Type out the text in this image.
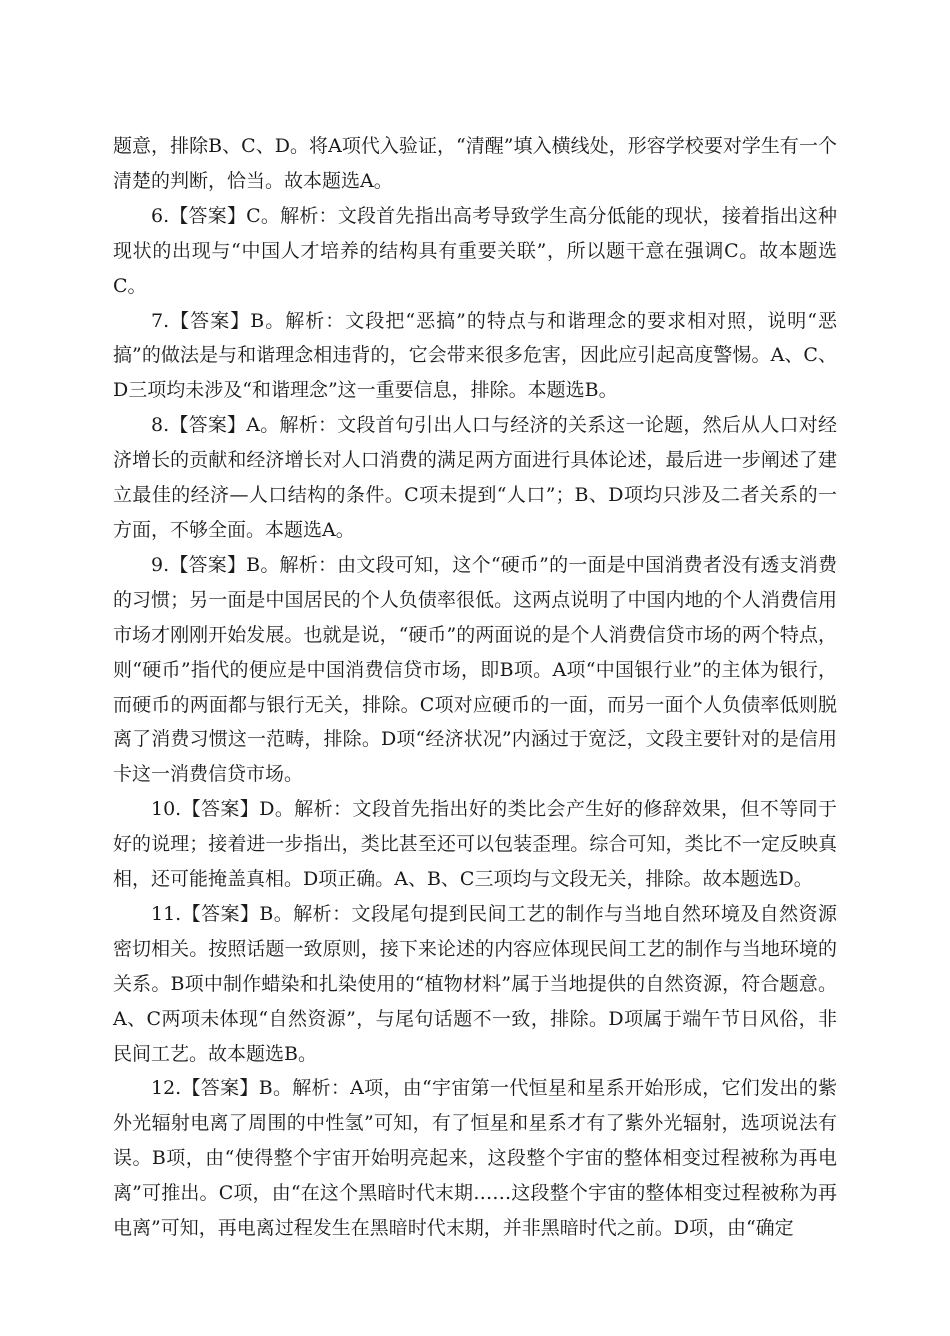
题意，排除B、C、D。将A项代入验证，“清醒”填入横线处，形容学校要对学生有一个清楚的判断，恰当。故本题选A。

6.【答案】C。解析：文段首先指出高考导致学生高分低能的现状，接着指出这种现状的出现与“中国人才培养的结构具有重要关联”，所以题干意在强调C。故本题选C。

7.【答案】B。解析：文段把“恶搞”的特点与和谐理念的要求相对照，说明“恶搞”的做法是与和谐理念相违背的，它会带来很多危害，因此应引起高度警惕。A、C、D三项均未涉及“和谐理念”这一重要信息，排除。本题选B。

8.【答案】A。解析：文段首句引出人口与经济的关系这一论题，然后从人口对经济增长的贡献和经济增长对人口消费的满足两方面进行具体论述，最后进一步阐述了建立最佳的经济—人口结构的条件。C项未提到“人口”；B、D项均只涉及二者关系的一方面，不够全面。本题选A。

9.【答案】B。解析：由文段可知，这个“硬币”的一面是中国消费者没有透支消费的习惯；另一面是中国居民的个人负债率很低。这两点说明了中国内地的个人消费信用市场才刚刚开始发展。也就是说，“硬币”的两面说的是个人消费信贷市场的两个特点，则“硬币”指代的便应是中国消费信贷市场，即B项。A项“中国银行业”的主体为银行，而硬币的两面都与银行无关，排除。C项对应硬币的一面，而另一面个人负债率低则脱离了消费习惯这一范畴，排除。D项“经济状况”内涵过于宽泛，文段主要针对的是信用卡这一消费信贷市场。

10.【答案】D。解析：文段首先指出好的类比会产生好的修辞效果，但不等同于好的说理；接着进一步指出，类比甚至还可以包装歪理。综合可知，类比不一定反映真相，还可能掩盖真相。D项正确。A、B、C三项均与文段无关，排除。故本题选D。

11.【答案】B。解析：文段尾句提到民间工艺的制作与当地自然环境及自然资源密切相关。按照话题一致原则，接下来论述的内容应体现民间工艺的制作与当地环境的关系。B项中制作蜡染和扎染使用的“植物材料”属于当地提供的自然资源，符合题意。A、C两项未体现“自然资源”，与尾句话题不一致，排除。D项属于端午节日风俗，非民间工艺。故本题选B。

12.【答案】B。解析：A项，由“宇宙第一代恒星和星系开始形成，它们发出的紫外光辐射电离了周围的中性氢”可知，有了恒星和星系才有了紫外光辐射，选项说法有误。B项，由“使得整个宇宙开始明亮起来，这段整个宇宙的整体相变过程被称为再电离”可推出。C项，由“在这个黑暗时代末期……这段整个宇宙的整体相变过程被称为再电离”可知，再电离过程发生在黑暗时代末期，并非黑暗时代之前。D项，由“确定
